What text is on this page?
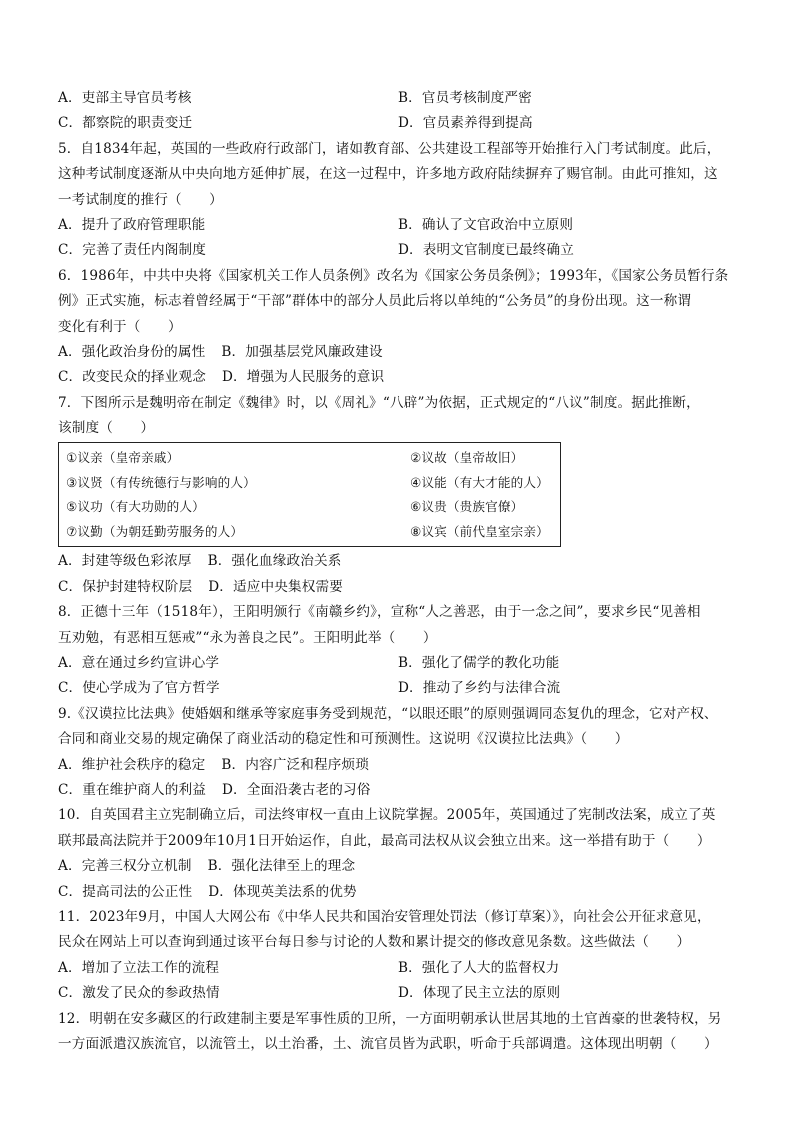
A．吏部主导官员考核	B．官员考核制度严密
C．都察院的职责变迁	D．官员素养得到提高
5．自1834年起，英国的一些政府行政部门，诸如教育部、公共建设工程部等开始推行入门考试制度。此后，
这种考试制度逐渐从中央向地方延伸扩展，在这一过程中，许多地方政府陆续摒弃了赐官制。由此可推知，这
一考试制度的推行（　　）
A．提升了政府管理职能	B．确认了文官政治中立原则
C．完善了责任内阁制度	D．表明文官制度已最终确立
6．1986年，中共中央将《国家机关工作人员条例》改名为《国家公务员条例》；1993年，《国家公务员暂行条
例》正式实施，标志着曾经属于“干部”群体中的部分人员此后将以单纯的“公务员”的身份出现。这一称谓
变化有利于（　　）
A．强化政治身份的属性 B．加强基层党风廉政建设
C．改变民众的择业观念 D．增强为人民服务的意识
7．下图所示是魏明帝在制定《魏律》时，以《周礼》“八辟”为依据，正式规定的“八议”制度。据此推断，
该制度（　　）
①议亲（皇帝亲戚）	②议故（皇帝故旧）
③议贤（有传统德行与影响的人）	④议能（有大才能的人）
⑤议功（有大功勋的人）	⑥议贵（贵族官僚）
⑦议勤（为朝廷勤劳服务的人）	⑧议宾（前代皇室宗亲）
A．封建等级色彩浓厚 B．强化血缘政治关系
C．保护封建特权阶层 D．适应中央集权需要
8．正德十三年（1518年），王阳明颁行《南赣乡约》，宣称“人之善恶，由于一念之间”，要求乡民“见善相
互劝勉，有恶相互惩戒”“永为善良之民”。王阳明此举（　　）
A．意在通过乡约宣讲心学	B．强化了儒学的教化功能
C．使心学成为了官方哲学	D．推动了乡约与法律合流
9.《汉谟拉比法典》使婚姻和继承等家庭事务受到规范，“以眼还眼”的原则强调同态复仇的理念，它对产权、
合同和商业交易的规定确保了商业活动的稳定性和可预测性。这说明《汉谟拉比法典》（　　）
A．维护社会秩序的稳定 B．内容广泛和程序烦琐
C．重在维护商人的利益 D．全面沿袭古老的习俗
10．自英国君主立宪制确立后，司法终审权一直由上议院掌握。2005年，英国通过了宪制改法案，成立了英
联邦最高法院并于2009年10月1日开始运作，自此，最高司法权从议会独立出来。这一举措有助于（　　）
A．完善三权分立机制 B．强化法律至上的理念
C．提高司法的公正性 D．体现英美法系的优势
11．2023年9月，中国人大网公布《中华人民共和国治安管理处罚法（修订草案）》，向社会公开征求意见，
民众在网站上可以查询到通过该平台每日参与讨论的人数和累计提交的修改意见条数。这些做法（　　）
A．增加了立法工作的流程	B．强化了人大的监督权力
C．激发了民众的参政热情	D．体现了民主立法的原则
12．明朝在安多藏区的行政建制主要是军事性质的卫所，一方面明朝承认世居其地的土官酋豪的世袭特权，另
一方面派遣汉族流官，以流管土，以土治番，土、流官员皆为武职，听命于兵部调遣。这体现出明朝（　　）
